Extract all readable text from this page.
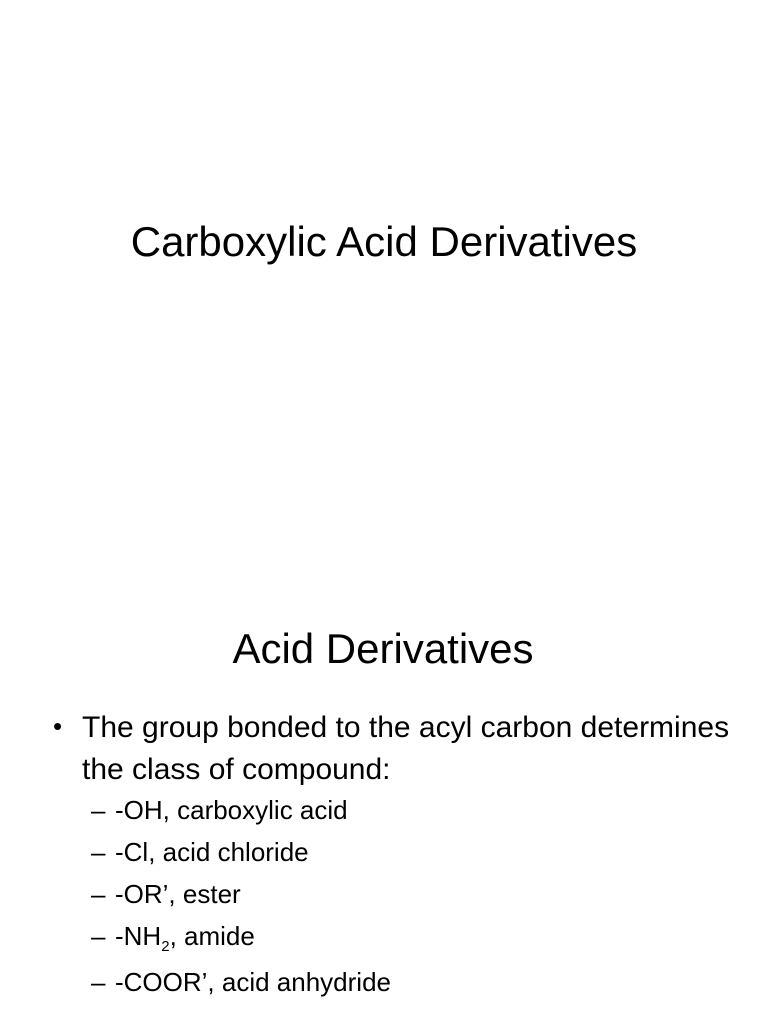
Carboxylic Acid Derivatives
Acid Derivatives
• The group bonded to the acyl carbon determines the class of compound:
– -OH, carboxylic acid
– -Cl, acid chloride
– -OR’, ester
– $-NH_2$, amide
– -COOR’, acid anhydride
